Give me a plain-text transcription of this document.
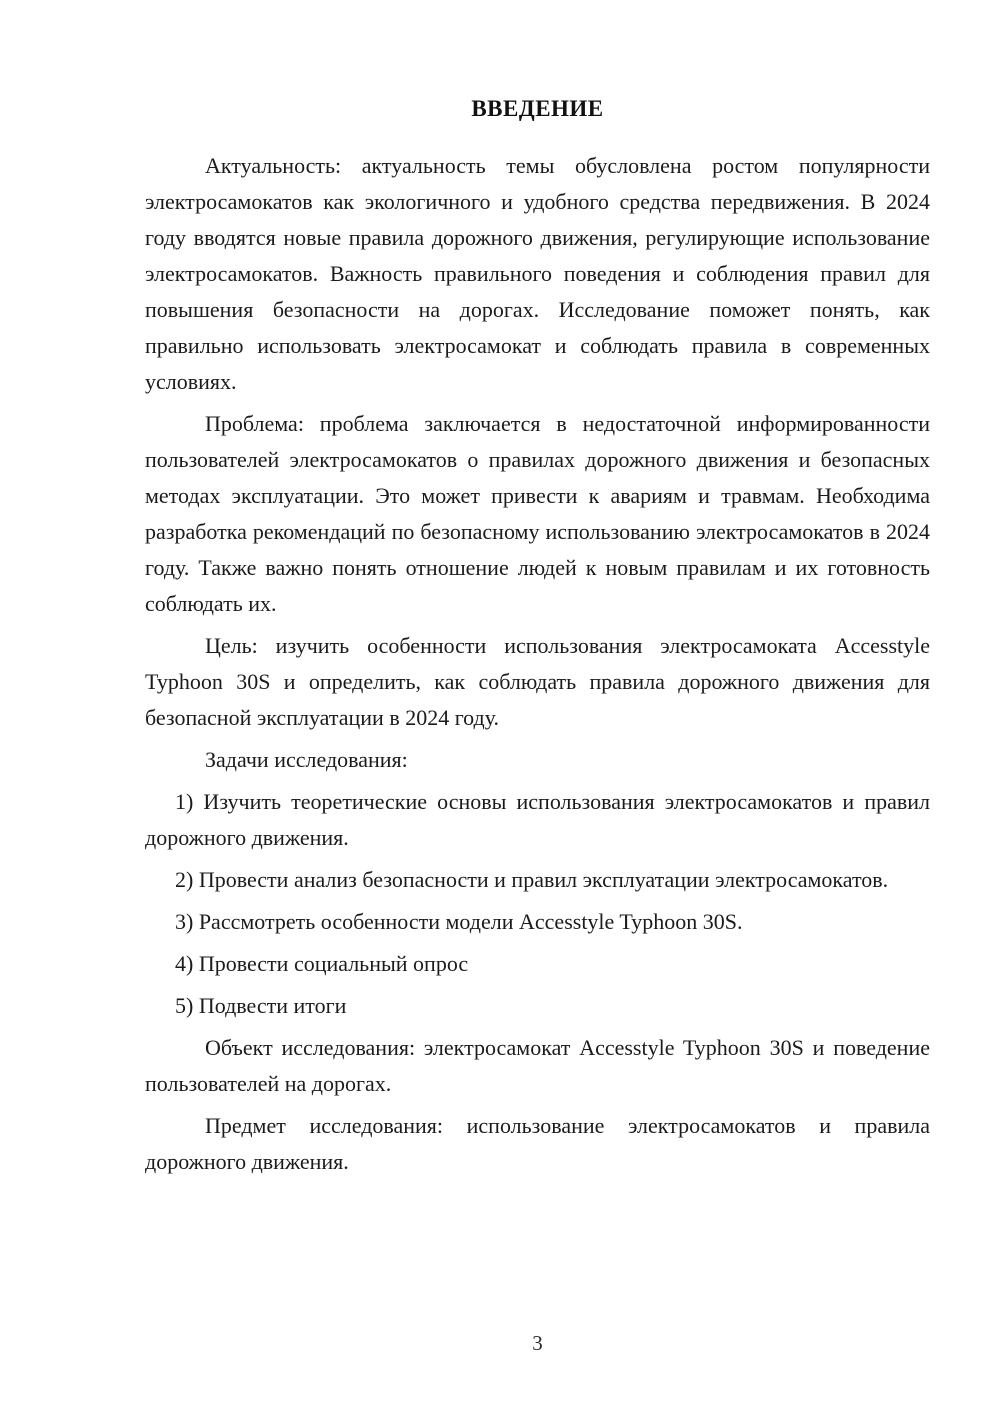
ВВЕДЕНИЕ

Актуальность: актуальность темы обусловлена ростом популярности электросамокатов как экологичного и удобного средства передвижения. В 2024 году вводятся новые правила дорожного движения, регулирующие использование электросамокатов. Важность правильного поведения и соблюдения правил для повышения безопасности на дорогах. Исследование поможет понять, как правильно использовать электросамокат и соблюдать правила в современных условиях.

Проблема: проблема заключается в недостаточной информированности пользователей электросамокатов о правилах дорожного движения и безопасных методах эксплуатации. Это может привести к авариям и травмам. Необходима разработка рекомендаций по безопасному использованию электросамокатов в 2024 году. Также важно понять отношение людей к новым правилам и их готовность соблюдать их.

Цель: изучить особенности использования электросамоката Accesstyle Typhoon 30S и определить, как соблюдать правила дорожного движения для безопасной эксплуатации в 2024 году.

Задачи исследования:

1) Изучить теоретические основы использования электросамокатов и правил дорожного движения.

2) Провести анализ безопасности и правил эксплуатации электросамокатов.

3) Рассмотреть особенности модели Accesstyle Typhoon 30S.

4) Провести социальный опрос

5) Подвести итоги

Объект исследования: электросамокат Accesstyle Typhoon 30S и поведение пользователей на дорогах.

Предмет исследования: использование электросамокатов и правила дорожного движения.

3
